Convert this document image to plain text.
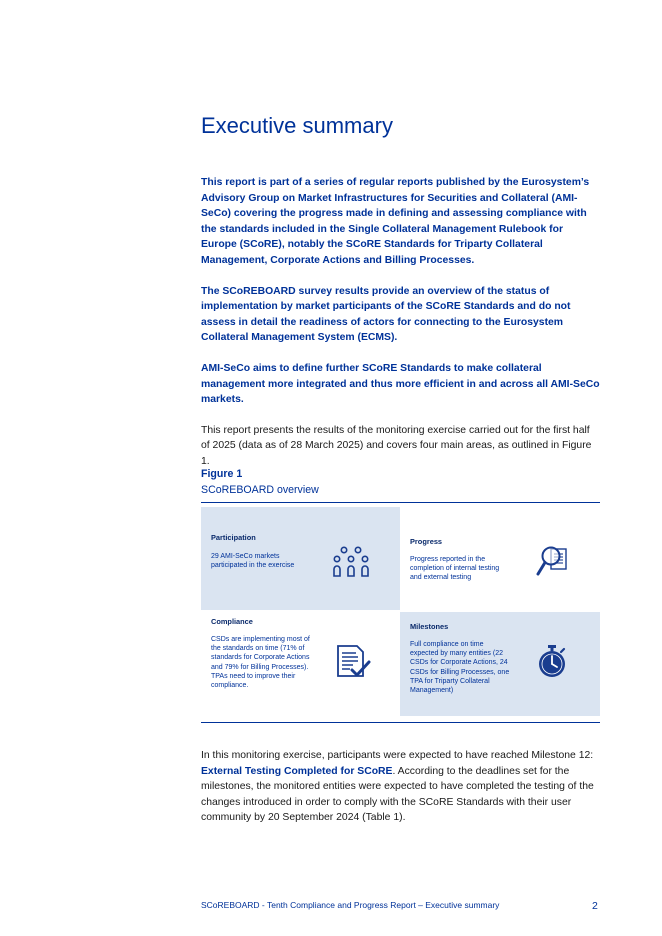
Executive summary

This report is part of a series of regular reports published by the Eurosystem’s Advisory Group on Market Infrastructures for Securities and Collateral (AMI-SeCo) covering the progress made in defining and assessing compliance with the standards included in the Single Collateral Management Rulebook for Europe (SCoRE), notably the SCoRE Standards for Triparty Collateral Management, Corporate Actions and Billing Processes.

The SCoREBOARD survey results provide an overview of the status of implementation by market participants of the SCoRE Standards and do not assess in detail the readiness of actors for connecting to the Eurosystem Collateral Management System (ECMS).

AMI-SeCo aims to define further SCoRE Standards to make collateral management more integrated and thus more efficient in and across all AMI-SeCo markets.

This report presents the results of the monitoring exercise carried out for the first half of 2025 (data as of 28 March 2025) and covers four main areas, as outlined in Figure 1.

Figure 1

SCoREBOARD overview

Participation

29 AMI-SeCo markets participated in the exercise

Progress

Progress reported in the completion of internal testing and external testing

Compliance

CSDs are implementing most of the standards on time (71% of standards for Corporate Actions and 79% for Billing Processes). TPAs need to improve their compliance.

Milestones

Full compliance on time expected by many entities (22 CSDs for Corporate Actions, 24 CSDs for Billing Processes, one TPA for Triparty Collateral Management)

In this monitoring exercise, participants were expected to have reached Milestone 12: External Testing Completed for SCoRE. According to the deadlines set for the milestones, the monitored entities were expected to have completed the testing of the changes introduced in order to comply with the SCoRE Standards with their user community by 20 September 2024 (Table 1).

SCoREBOARD - Tenth Compliance and Progress Report – Executive summary	2
